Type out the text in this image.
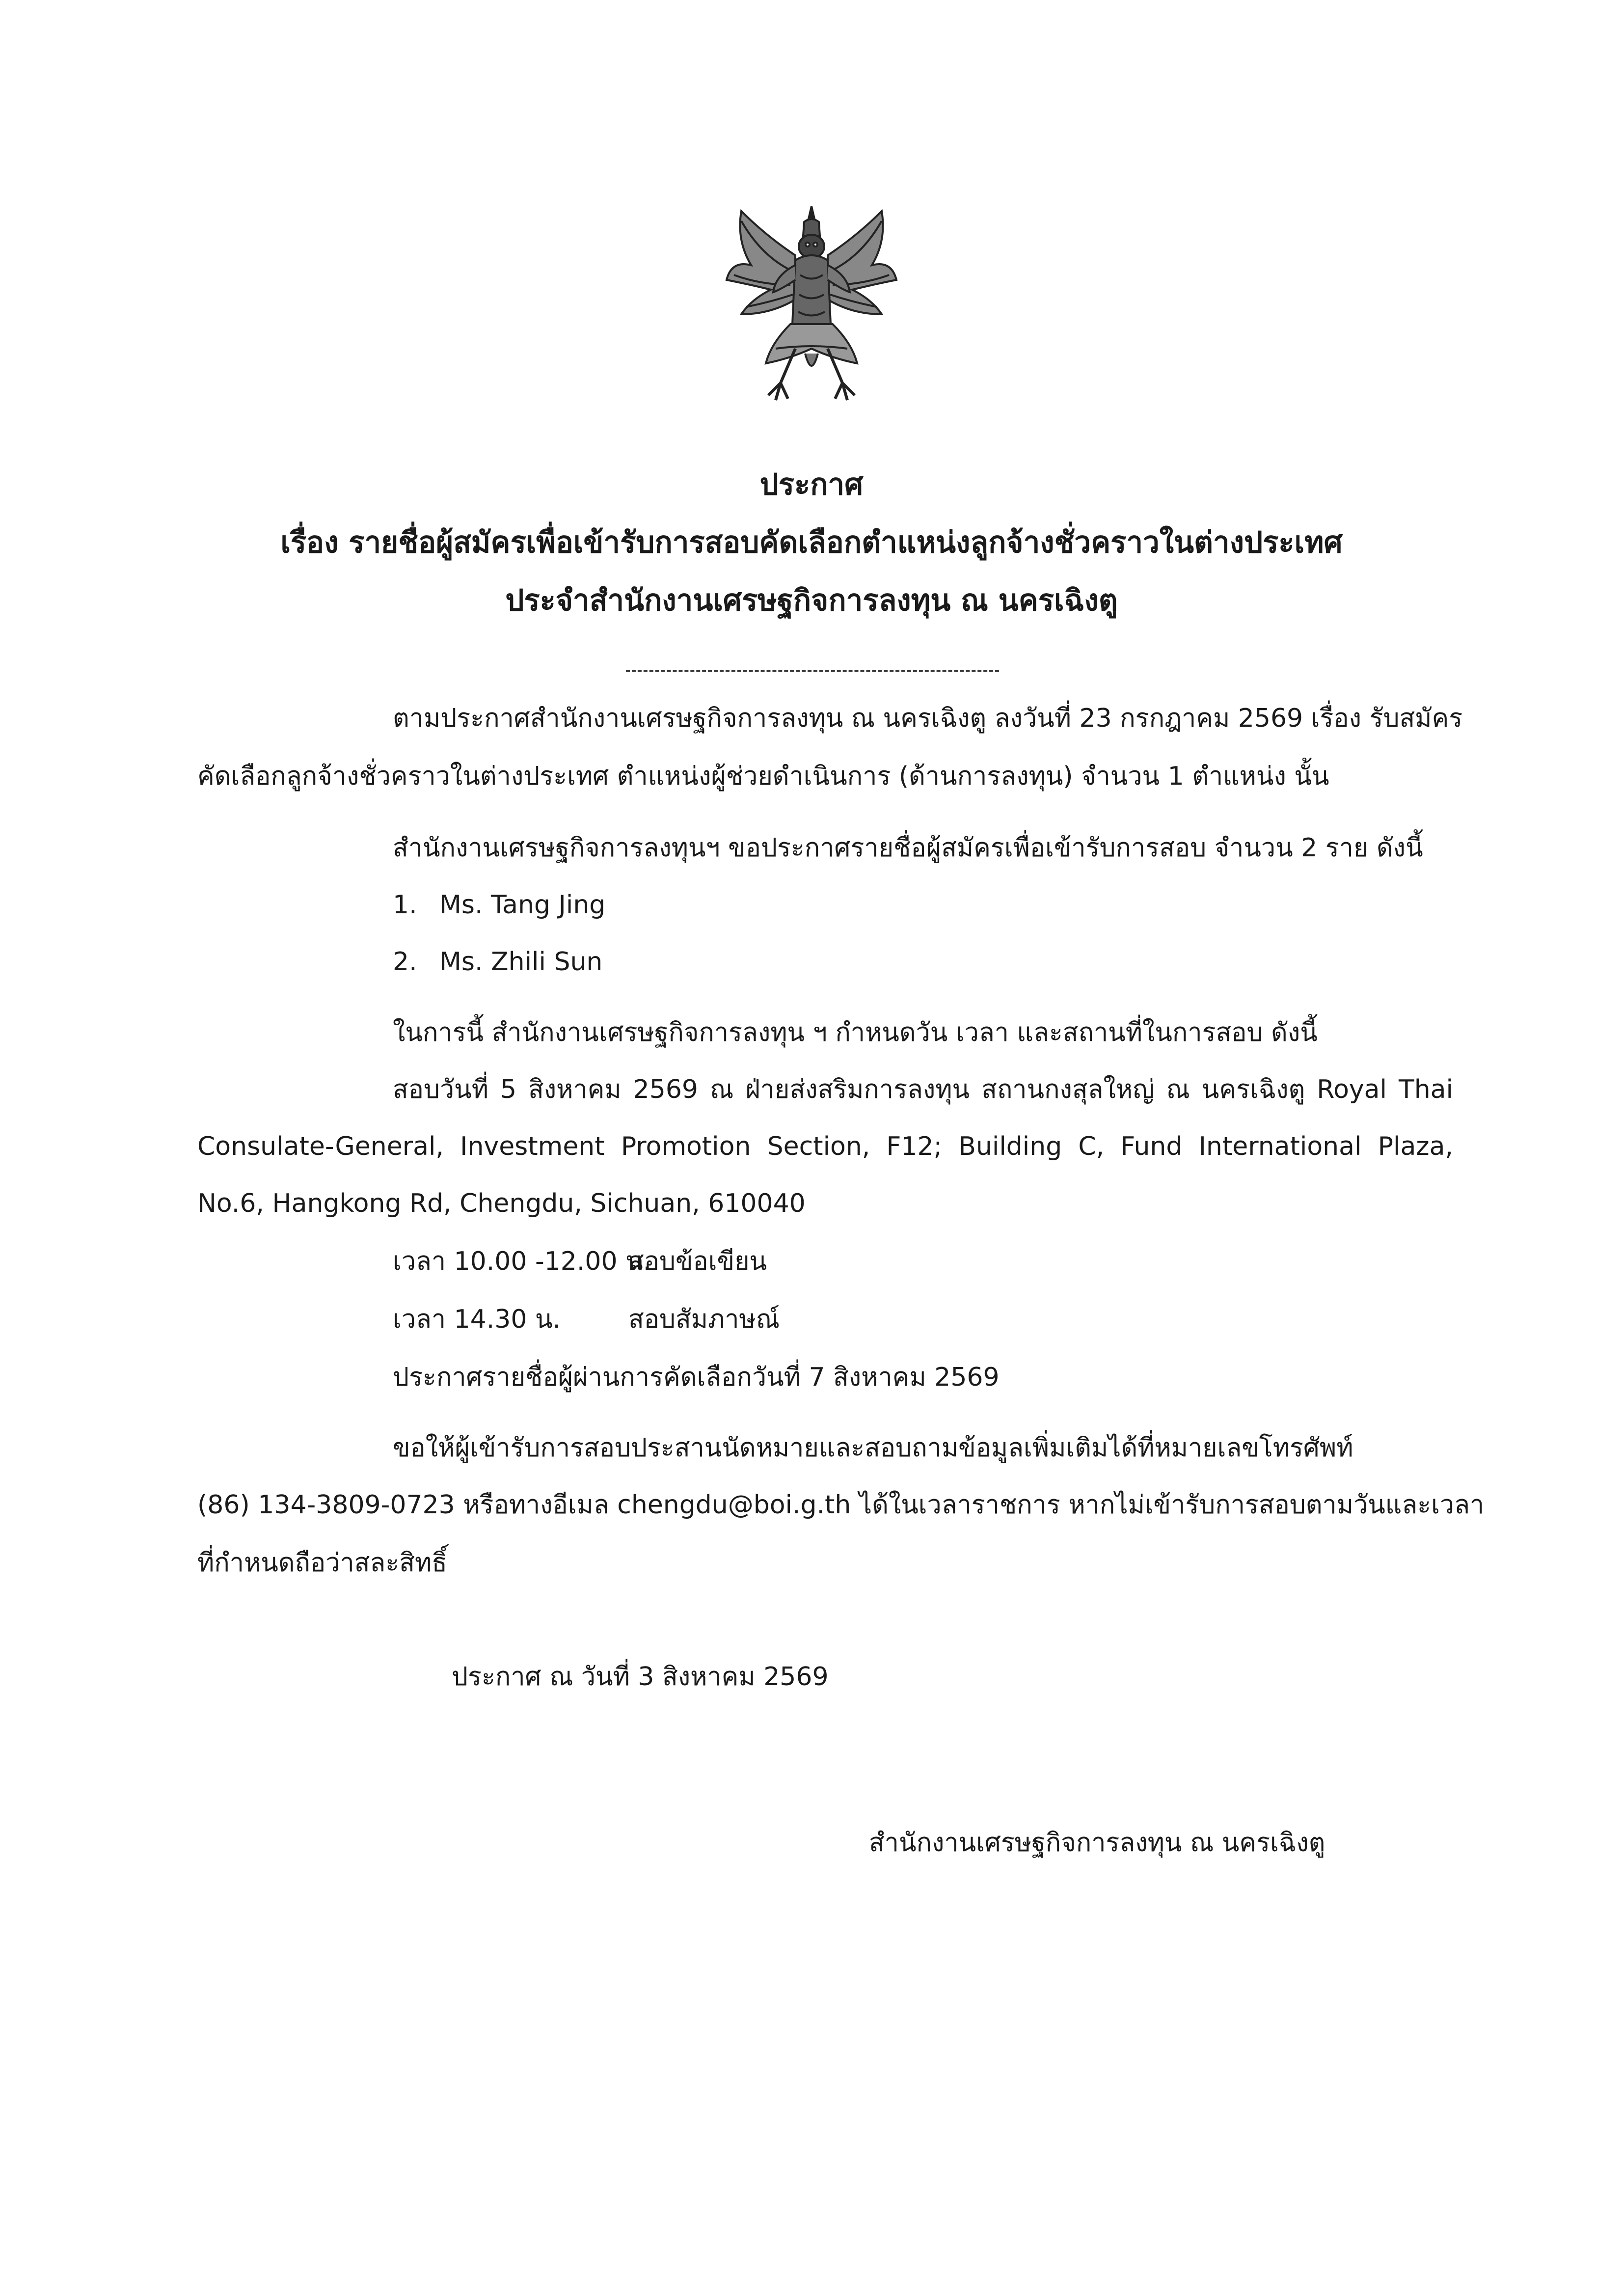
ประกาศ
เรื่อง รายชื่อผู้สมัครเพื่อเข้ารับการสอบคัดเลือกตำแหน่งลูกจ้างชั่วคราวในต่างประเทศ
ประจำสำนักงานเศรษฐกิจการลงทุน ณ นครเฉิงตู
ตามประกาศสำนักงานเศรษฐกิจการลงทุน ณ นครเฉิงตู ลงวันที่ 23 กรกฎาคม 2569 เรื่อง รับสมัคร
คัดเลือกลูกจ้างชั่วคราวในต่างประเทศ ตำแหน่งผู้ช่วยดำเนินการ (ด้านการลงทุน) จำนวน 1 ตำแหน่ง นั้น
สำนักงานเศรษฐกิจการลงทุนฯ ขอประกาศรายชื่อผู้สมัครเพื่อเข้ารับการสอบ จำนวน 2 ราย ดังนี้
1. Ms. Tang Jing
2. Ms. Zhili Sun
ในการนี้ สำนักงานเศรษฐกิจการลงทุน ฯ กำหนดวัน เวลา และสถานที่ในการสอบ ดังนี้
สอบวันที่ 5 สิงหาคม 2569 ณ ฝ่ายส่งสริมการลงทุน สถานกงสุลใหญ่ ณ นครเฉิงตู Royal Thai
Consulate-General, Investment Promotion Section, F12; Building C, Fund International Plaza,
No.6, Hangkong Rd, Chengdu, Sichuan, 610040
เวลา 10.00 -12.00 น.
สอบข้อเขียน
เวลา 14.30 น.	สอบสัมภาษณ์
ประกาศรายชื่อผู้ผ่านการคัดเลือกวันที่ 7 สิงหาคม 2569
ขอให้ผู้เข้ารับการสอบประสานนัดหมายและสอบถามข้อมูลเพิ่มเติมได้ที่หมายเลขโทรศัพท์
(86) 134-3809-0723 หรือทางอีเมล chengdu@boi.g.th ได้ในเวลาราชการ หากไม่เข้ารับการสอบตามวันและเวลา
ที่กำหนดถือว่าสละสิทธิ์
ประกาศ ณ วันที่ 3 สิงหาคม 2569
สำนักงานเศรษฐกิจการลงทุน ณ นครเฉิงตู
